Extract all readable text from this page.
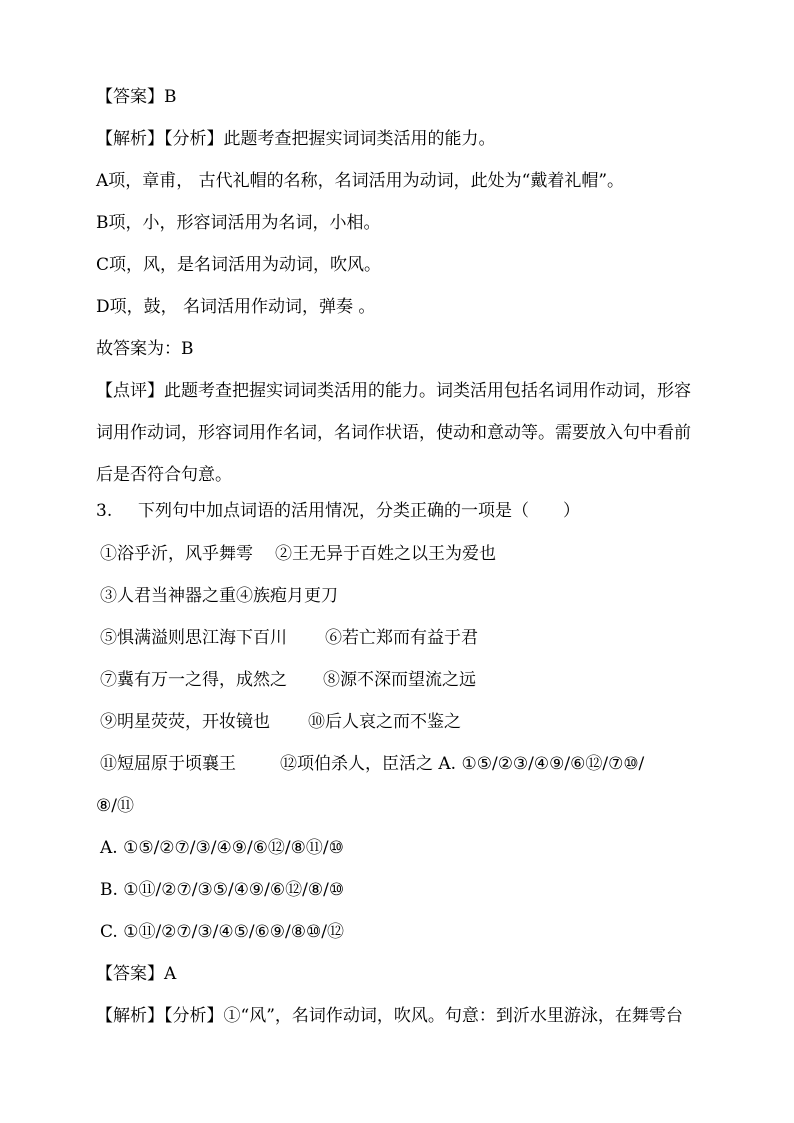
【答案】B
【解析】【分析】此题考查把握实词词类活用的能力。
A项，章甫， 古代礼帽的名称，名词活用为动词，此处为“戴着礼帽”。
B项，小，形容词活用为名词，小相。
C项，风，是名词活用为动词，吹风。
D项，鼓， 名词活用作动词，弹奏 。
故答案为：B
【点评】此题考查把握实词词类活用的能力。词类活用包括名词用作动词，形容
词用作动词，形容词用作名词，名词作状语，使动和意动等。需要放入句中看前
后是否符合句意。
3. 下列句中加点词语的活用情况，分类正确的一项是（　　）
①浴乎沂，风乎舞雩 ②王无异于百姓之以王为爱也
③人君当神器之重④族疱月更刀
⑤惧满溢则思江海下百川 ⑥若亡郑而有益于君
⑦冀有万一之得，成然之 ⑧源不深而望流之远
⑨明星荧荧，开妆镜也 ⑩后人哀之而不鉴之
⑪短屈原于顷襄王	⑫项伯杀人，臣活之 A. ①⑤/②③/④⑨/⑥⑫/⑦⑩/
⑧/⑪
A. ①⑤/②⑦/③/④⑨/⑥⑫/⑧⑪/⑩
B. ①⑪/②⑦/③⑤/④⑨/⑥⑫/⑧/⑩
C. ①⑪/②⑦/③/④⑤/⑥⑨/⑧⑩/⑫
【答案】A
【解析】【分析】①“风”，名词作动词，吹风。句意：到沂水里游泳，在舞雩台
